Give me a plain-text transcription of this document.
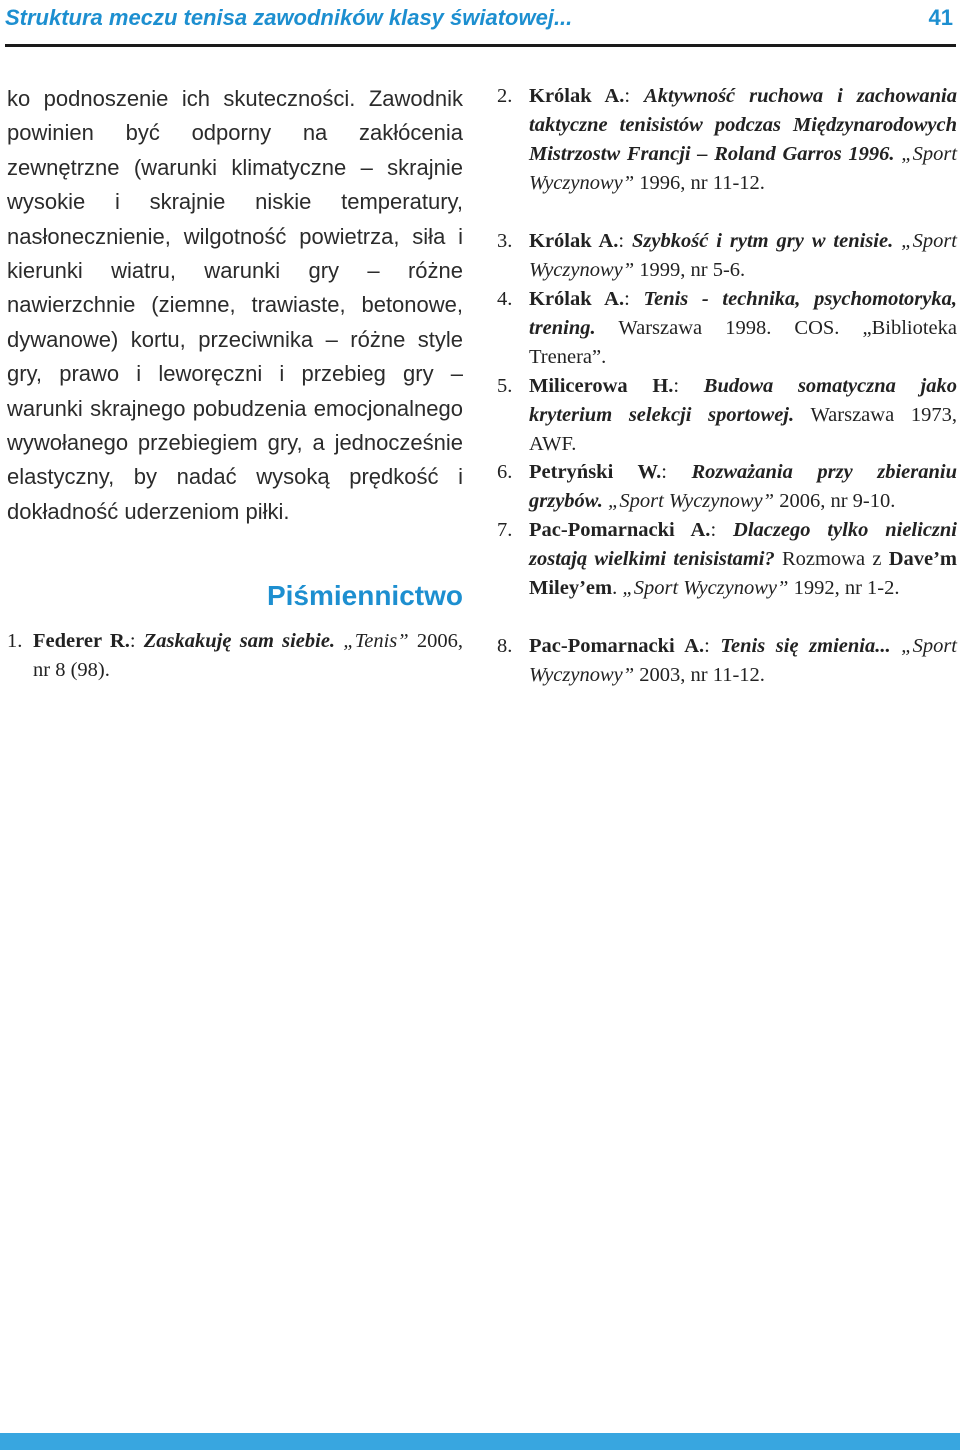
Struktura meczu tenisa zawodników klasy światowej...	41
ko podnoszenie ich skuteczności. Zawodnik powinien być odporny na zakłócenia zewnętrzne (warunki klimatyczne – skrajnie wysokie i skrajnie niskie temperatury, nasłonecznienie, wilgotność powietrza, siła i kierunki wiatru, warunki gry – różne nawierzchnie (ziemne, trawiaste, betonowe, dywanowe) kortu, przeciwnika – różne style gry, prawo i leworęczni i przebieg gry – warunki skrajnego pobudzenia emocjonalnego wywołanego przebiegiem gry, a jednocześnie elastyczny, by nadać wysoką prędkość i dokładność uderzeniom piłki.
Piśmiennictwo
1. Federer R.: Zaskakuję sam siebie. „Tenis” 2006, nr 8 (98).
2. Królak A.: Aktywność ruchowa i zachowania taktyczne tenisistów podczas Międzynarodowych Mistrzostw Francji – Roland Garros 1996. „Sport Wyczynowy” 1996, nr 11-12.
3. Królak A.: Szybkość i rytm gry w tenisie. „Sport Wyczynowy” 1999, nr 5-6.
4. Królak A.: Tenis - technika, psychomotoryka, trening. Warszawa 1998. COS. „Biblioteka Trenera”.
5. Milicerowa H.: Budowa somatyczna jako kryterium selekcji sportowej. Warszawa 1973, AWF.
6. Petryński W.: Rozważania przy zbieraniu grzybów. „Sport Wyczynowy” 2006, nr 9-10.
7. Pac-Pomarnacki A.: Dlaczego tylko nieliczni zostają wielkimi tenisistami? Rozmowa z Dave’m Miley’em. „Sport Wyczynowy” 1992, nr 1-2.
8. Pac-Pomarnacki A.: Tenis się zmienia... „Sport Wyczynowy” 2003, nr 11-12.
